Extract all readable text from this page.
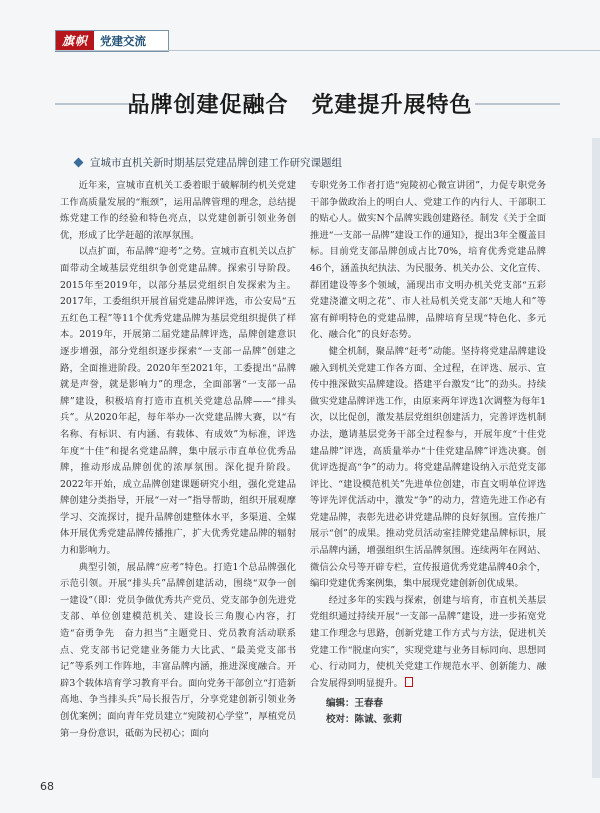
旗帜	党建交流
品牌创建促融合　党建提升展特色
宣城市直机关新时期基层党建品牌创建工作研究课题组

近年来，宣城市直机关工委着眼于破解制约机关党建工作高质量发展的“瓶颈”，运用品牌管理的理念，总结提炼党建工作的经验和特色亮点，以党建创新引领业务创优，形成了比学赶超的浓厚氛围。

以点扩面，布品牌“迎考”之势。宣城市直机关以点扩面带动全域基层党组织争创党建品牌。探索引导阶段。2015年至2019年，以部分基层党组织自发探索为主。2017年，工委组织开展首届党建品牌评选，市公安局“五五红色工程”等11个优秀党建品牌为基层党组织提供了样本。2019年，开展第二届党建品牌评选，品牌创建意识逐步增强，部分党组织逐步探索“一支部一品牌”创建之路，全面推进阶段。2020年至2021年，工委提出“品牌就是声誉，就是影响力”的理念，全面部署“一支部一品牌”建设，积极培育打造市直机关党建总品牌——“排头兵”。从2020年起，每年举办一次党建品牌大赛，以“有名称、有标识、有内涵、有载体、有成效”为标准，评选年度“十佳”和提名党建品牌，集中展示市直单位优秀品牌，推动形成品牌创优的浓厚氛围。深化提升阶段。2022年开始，成立品牌创建课题研究小组，强化党建品牌创建分类指导，开展“一对一”指导帮助，组织开展观摩学习、交流探讨，提升品牌创建整体水平，多渠道、全媒体开展优秀党建品牌传播推广，扩大优秀党建品牌的辐射力和影响力。

典型引领，展品牌“应考”特色。打造1个总品牌强化示范引领。开展“排头兵”品牌创建活动，围绕“双争一创一建设”（即：党员争做优秀共产党员、党支部争创先进党支部、单位创建模范机关、建设长三角腹心内容，打造“奋勇争先　奋力担当”主题党日、党员教育活动联系点、党支部书记党建业务能力大比武、“最美党支部书记”等系列工作阵地，丰富品牌内涵，推进深度融合。开辟3个载体培育学习教育平台。面向党务干部创立“打造新高地、争当排头兵”局长报告厅，分享党建创新引领业务创优案例；面向青年党员建立“宛陵初心学堂”，厚植党员第一身份意识，砥砺为民初心；面向

专职党务工作者打造“宛陵初心微宣讲团”，力促专职党务干部争做政治上的明白人、党建工作的内行人、干部职工的贴心人。做实N个品牌实践创建路径。制发《关于全面推进“一支部一品牌”建设工作的通知》，提出3年全覆盖目标。目前党支部品牌创成占比70%，培育优秀党建品牌46个，涵盖执纪执法、为民服务、机关办公、文化宣传、群团建设等多个领域，涌现出市文明办机关党支部“五彩党建浇灌文明之花”、市人社局机关党支部“天地人和”等富有鲜明特色的党建品牌，品牌培育呈现“特色化、多元化、融合化”的良好态势。

健全机制，聚品牌“赶考”动能。坚持将党建品牌建设融入到机关党建工作各方面、全过程，在评选、展示、宣传中推深做实品牌建设。搭建平台激发“比”的劲头。持续做实党建品牌评选工作，由原来两年评选1次调整为每年1次，以比促创，激发基层党组织创建活力，完善评选机制办法，邀请基层党务干部全过程参与，开展年度“十佳党建品牌”评选，高质量举办“十佳党建品牌”评选决赛。创优评选提高“争”的动力。将党建品牌建设纳入示范党支部评比、“建设模范机关”先进单位创建，市直文明单位评选等评先评优活动中，激发“争”的动力，营造先进工作必有党建品牌，表彰先进必讲党建品牌的良好氛围。宣传推广展示“创”的成果。推动党员活动室挂牌党建品牌标识，展示品牌内涵，增强组织生活品牌氛围。连续两年在网站、微信公众号等开辟专栏，宣传报道优秀党建品牌40余个，编印党建优秀案例集，集中展现党建创新创优成果。

经过多年的实践与探索，创建与培育，市直机关基层党组织通过持续开展“一支部一品牌”建设，进一步拓宽党建工作理念与思路，创新党建工作方式与方法，促进机关党建工作“脱虚向实”，实现党建与业务目标同向、思想同心、行动同力，使机关党建工作规范水平、创新能力、融合发展得到明显提升。

编辑：王春春
校对：陈诚、张莉
68
